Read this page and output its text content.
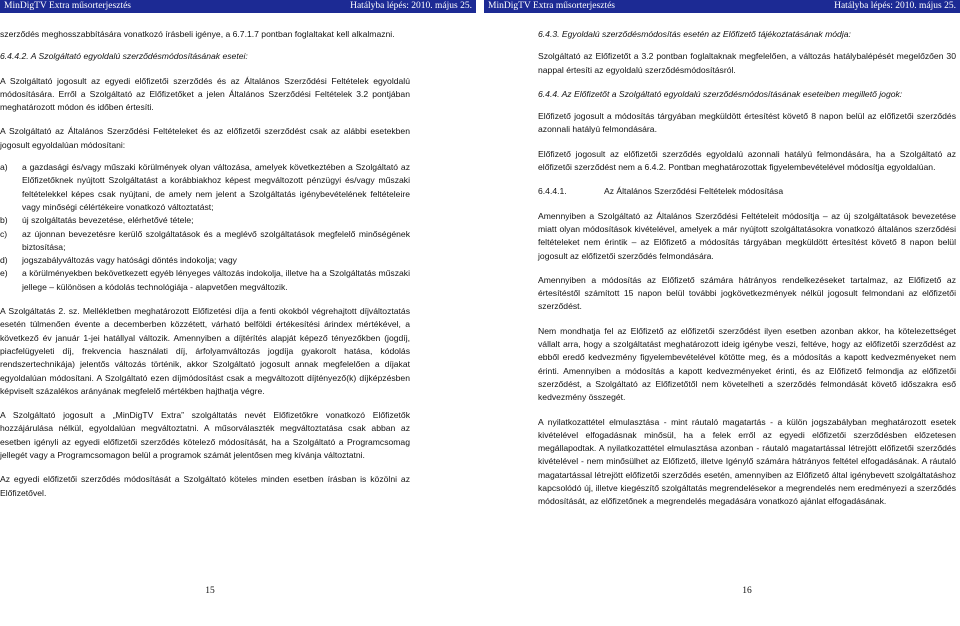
MinDigTV Extra műsorterjesztés	Hatályba lépés: 2010. május 25.

szerződés meghosszabbítására vonatkozó írásbeli igénye, a 6.7.1.7 pontban foglaltakat kell alkalmazni.

6.4.4.2. A Szolgáltató egyoldalú szerződésmódosításának esetei:

A Szolgáltató jogosult az egyedi előfizetői szerződés és az Általános Szerződési Feltételek egyoldalú módosítására. Erről a Szolgáltató az Előfizetőket a jelen Általános Szerződési Feltételek 3.2 pontjában meghatározott módon és időben értesíti.

A Szolgáltató az Általános Szerződési Feltételeket és az előfizetői szerződést csak az alábbi esetekben jogosult egyoldalúan módosítani:

a)	a gazdasági és/vagy műszaki körülmények olyan változása, amelyek következtében a Szolgáltató az Előfizetőknek nyújtott Szolgáltatást a korábbiakhoz képest megváltozott pénzügyi és/vagy műszaki feltételekkel képes csak nyújtani, de amely nem jelent a Szolgáltatás igénybevételének feltételeire vagy minőségi célértékeire vonatkozó változtatást;
b)	új szolgáltatás bevezetése, elérhetővé tétele;
c)	az újonnan bevezetésre kerülő szolgáltatások és a meglévő szolgáltatások megfelelő minőségének biztosítása;
d)	jogszabályváltozás vagy hatósági döntés indokolja; vagy
e)	a körülményekben bekövetkezett egyéb lényeges változás indokolja, illetve ha a Szolgáltatás műszaki jellege – különösen a kódolás technológiája - alapvetően megváltozik.

A Szolgáltatás 2. sz. Mellékletben meghatározott Előfizetési díja a fenti okokból végrehajtott díjváltoztatás esetén túlmenően évente a decemberben közzétett, várható belföldi értékesítési árindex mértékével, a következő év január 1-jei hatállyal változik. Amennyiben a díjtérítés alapját képező tényezőkben (jogdíj, piacfelügyeleti díj, frekvencia használati díj, árfolyamváltozás jogdíja gyakorolt hatása, kódolás rendszertechnikája) jelentős változás történik, akkor Szolgáltató jogosult annak megfelelően a díjakat egyoldalúan módosítani. A Szolgáltató ezen díjmódosítást csak a megváltozott díjtényező(k) díjképzésben képviselt százalékos arányának megfelelő mértékben hajthatja végre.

A Szolgáltató jogosult a „MinDigTV Extra” szolgáltatás nevét Előfizetőkre vonatkozó Előfizetők hozzájárulása nélkül, egyoldalúan megváltoztatni. A műsorválaszték megváltoztatása csak abban az esetben igényli az egyedi előfizetői szerződés kötelező módosítását, ha a Szolgáltató a Programcsomag jellegét vagy a Programcsomagon belül a programok számát jelentősen meg kívánja változtatni.

Az egyedi előfizetői szerződés módosítását a Szolgáltató köteles minden esetben írásban is közölni az Előfizetővel.

15
MinDigTV Extra műsorterjesztés	Hatályba lépés: 2010. május 25.

6.4.3. Egyoldalú szerződésmódosítás esetén az Előfizető tájékoztatásának módja:

Szolgáltató az Előfizetőt a 3.2 pontban foglaltaknak megfelelően, a változás hatálybalépését megelőzően 30 nappal értesíti az egyoldalú szerződésmódosításról.

6.4.4. Az Előfizetőt a Szolgáltató egyoldalú szerződésmódosításának eseteiben megillető jogok:

Előfizető jogosult a módosítás tárgyában megküldött értesítést követő 8 napon belül az előfizetői szerződés azonnali hatályú felmondására.

Előfizető jogosult az előfizetői szerződés egyoldalú azonnali hatályú felmondására, ha a Szolgáltató az előfizetői szerződést nem a 6.4.2. Pontban meghatározottak figyelembevételével módosítja egyoldalúan.

6.4.4.1.	Az Általános Szerződési Feltételek módosítása

Amennyiben a Szolgáltató az Általános Szerződési Feltételeit módosítja – az új szolgáltatások bevezetése miatt olyan módosítások kivételével, amelyek a már nyújtott szolgáltatásokra vonatkozó általános szerződési feltételeket nem érintik – az Előfizető a módosítás tárgyában megküldött értesítést követő 8 napon belül jogosult az előfizetői szerződés felmondására.

Amennyiben a módosítás az Előfizető számára hátrányos rendelkezéseket tartalmaz, az Előfizető az értesítéstől számított 15 napon belül további jogkövetkezmények nélkül jogosult felmondani az előfizetői szerződést.

Nem mondhatja fel az Előfizető az előfizetői szerződést ilyen esetben azonban akkor, ha kötelezettséget vállalt arra, hogy a szolgáltatást meghatározott ideig igénybe veszi, feltéve, hogy az előfizetői szerződést az ebből eredő kedvezmény figyelembevételével kötötte meg, és a módosítás a kapott kedvezményeket nem érinti. Amennyiben a módosítás a kapott kedvezményeket érinti, és az Előfizető felmondja az előfizetői szerződést, a Szolgáltató az Előfizetőtől nem követelheti a szerződés felmondását követő időszakra eső kedvezmény összegét.

A nyilatkozattétel elmulasztása - mint ráutaló magatartás - a külön jogszabályban meghatározott esetek kivételével elfogadásnak minősül, ha a felek erről az egyedi előfizetői szerződésben előzetesen megállapodtak. A nyilatkozattétel elmulasztása azonban - ráutaló magatartással létrejött előfizetői szerződés kivételével - nem minősülhet az Előfizető, illetve Igénylő számára hátrányos feltétel elfogadásának. A ráutaló magatartással létrejött előfizetői szerződés esetén, amennyiben az Előfizető által igénybevett szolgáltatáshoz kapcsolódó új, illetve kiegészítő szolgáltatás megrendelésekor a megrendelés nem eredményezi a szerződés módosítását, az előfizetőnek a megrendelés megadására vonatkozó ajánlat elfogadásának.

16
